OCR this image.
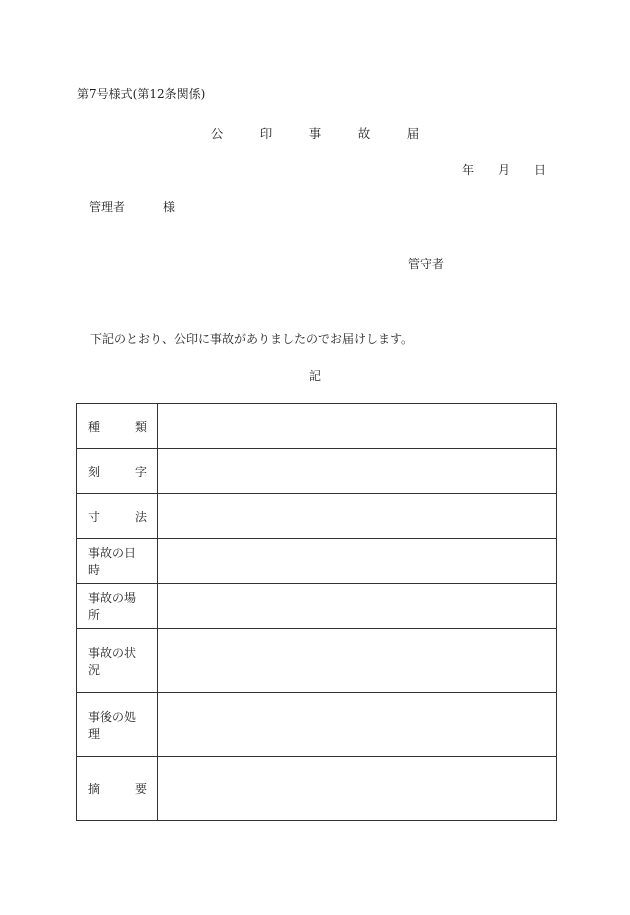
第7号様式(第12条関係)
公	印	事	故	届
年 月 日
管理者	様
管守者
下記のとおり、公印に事故がありましたのでお届けします。
記
種 類	

刻 字	

寸 法	

事故の日時	

事故の場所	

事故の状況	

事後の処理	

摘 要	
